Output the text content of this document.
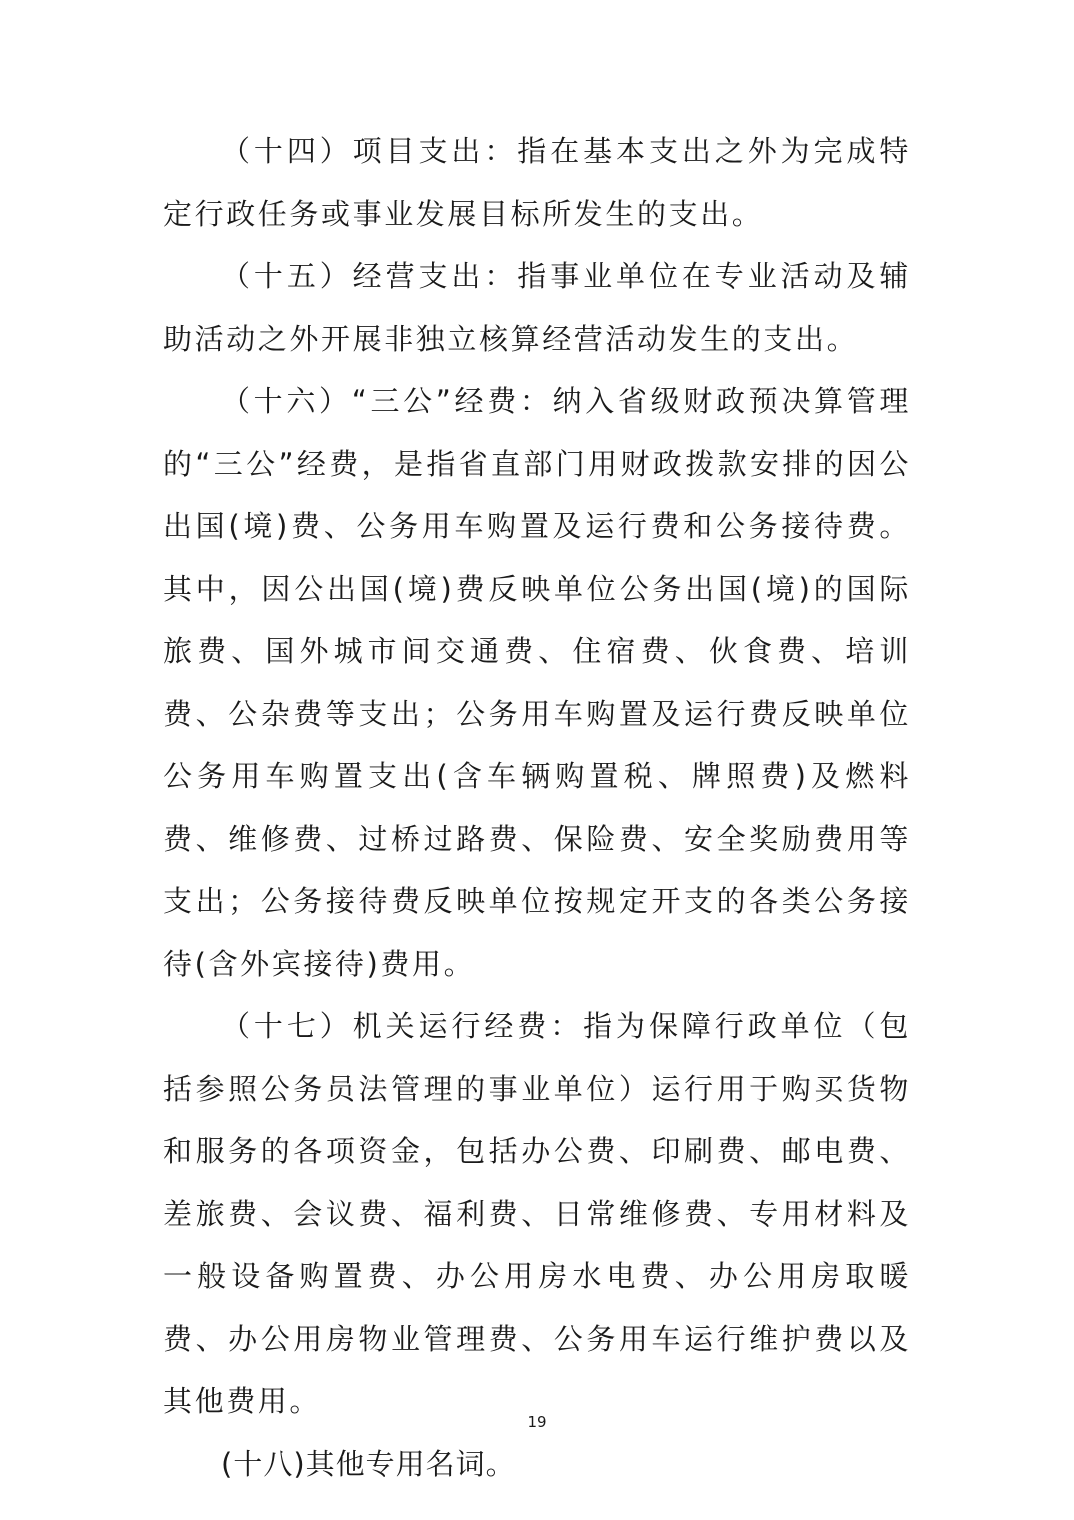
（十四）项目支出：指在基本支出之外为完成特定行政任务或事业发展目标所发生的支出。

（十五）经营支出：指事业单位在专业活动及辅助活动之外开展非独立核算经营活动发生的支出。

（十六）“三公”经费：纳入省级财政预决算管理的“三公”经费，是指省直部门用财政拨款安排的因公出国(境)费、公务用车购置及运行费和公务接待费。其中，因公出国(境)费反映单位公务出国(境)的国际旅费、国外城市间交通费、住宿费、伙食费、培训费、公杂费等支出；公务用车购置及运行费反映单位公务用车购置支出(含车辆购置税、牌照费)及燃料费、维修费、过桥过路费、保险费、安全奖励费用等支出；公务接待费反映单位按规定开支的各类公务接待(含外宾接待)费用。

（十七）机关运行经费：指为保障行政单位（包括参照公务员法管理的事业单位）运行用于购买货物和服务的各项资金，包括办公费、印刷费、邮电费、差旅费、会议费、福利费、日常维修费、专用材料及一般设备购置费、办公用房水电费、办公用房取暖费、办公用房物业管理费、公务用车运行维护费以及其他费用。

(十八)其他专用名词。

19
